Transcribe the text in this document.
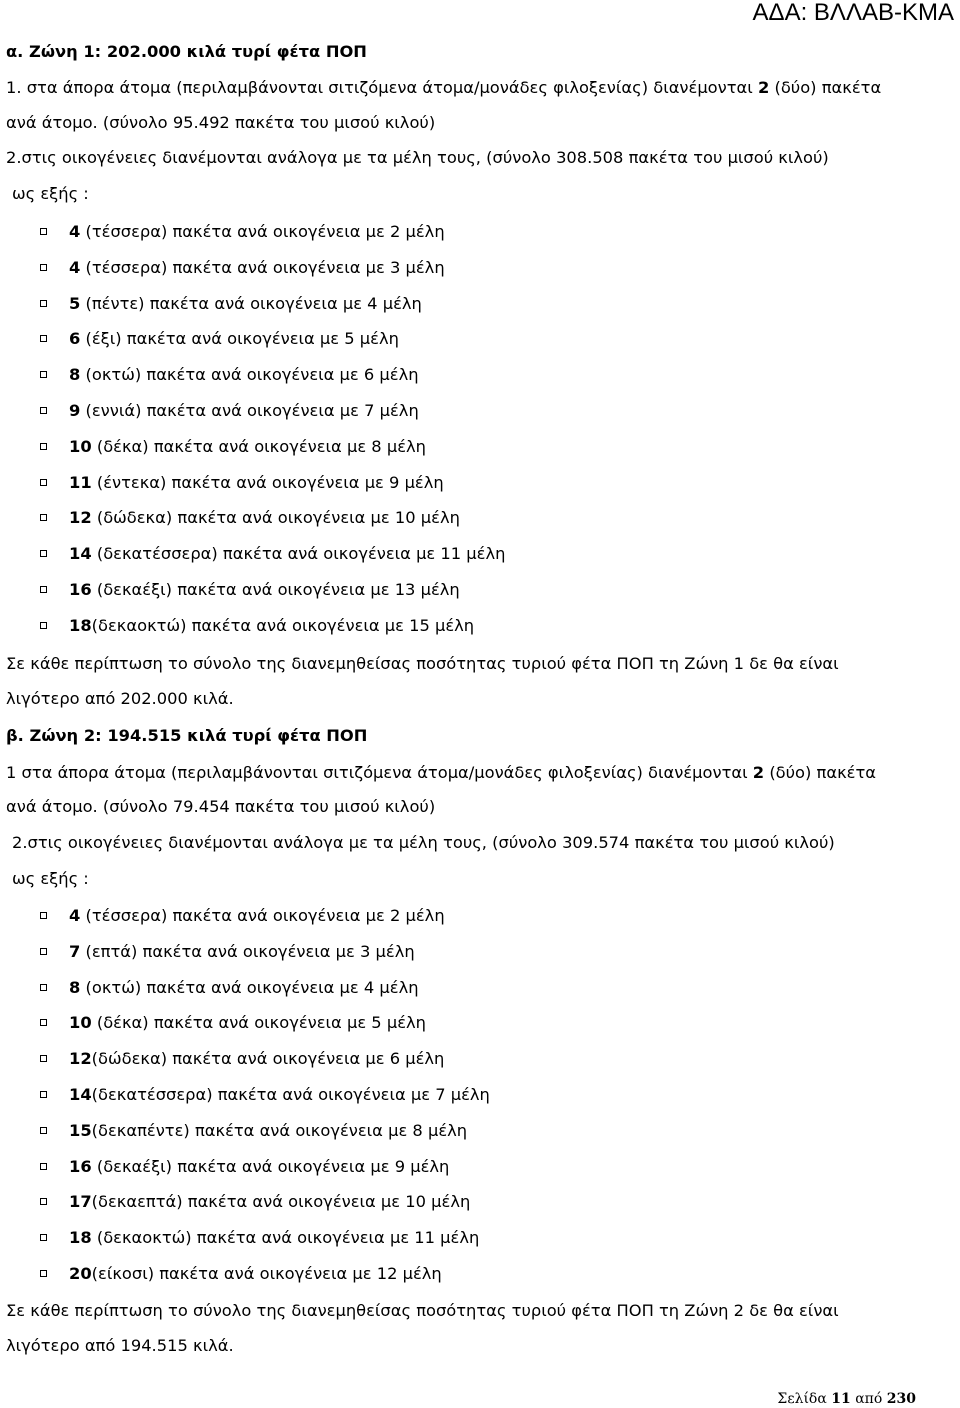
ΑΔΑ: ΒΛΛΑΒ-ΚΜΑ
α. Ζώνη 1: 202.000 κιλά τυρί φέτα ΠΟΠ
1. στα άπορα άτομα (περιλαμβάνονται σιτιζόμενα άτομα/μονάδες φιλοξενίας) διανέμονται 2 (δύο) πακέτα
ανά άτομο. (σύνολο 95.492 πακέτα του μισού κιλού)
2.στις οικογένειες διανέμονται ανάλογα με τα μέλη τους, (σύνολο 308.508 πακέτα του μισού κιλού)
ως εξής :
4 (τέσσερα) πακέτα ανά οικογένεια με 2 μέλη
4 (τέσσερα) πακέτα ανά οικογένεια με 3 μέλη
5 (πέντε) πακέτα ανά οικογένεια με 4 μέλη
6 (έξι) πακέτα ανά οικογένεια με 5 μέλη
8 (οκτώ) πακέτα ανά οικογένεια με 6 μέλη
9 (εννιά) πακέτα ανά οικογένεια με 7 μέλη
10 (δέκα) πακέτα ανά οικογένεια με 8 μέλη
11 (έντεκα) πακέτα ανά οικογένεια με 9 μέλη
12 (δώδεκα) πακέτα ανά οικογένεια με 10 μέλη
14 (δεκατέσσερα) πακέτα ανά οικογένεια με 11 μέλη
16 (δεκαέξι) πακέτα ανά οικογένεια με 13 μέλη
18(δεκαοκτώ) πακέτα ανά οικογένεια με 15 μέλη
Σε κάθε περίπτωση το σύνολο της διανεμηθείσας ποσότητας τυριού φέτα ΠΟΠ τη Ζώνη 1 δε θα είναι
λιγότερο από 202.000 κιλά.
β. Ζώνη 2: 194.515 κιλά τυρί φέτα ΠΟΠ
1 στα άπορα άτομα (περιλαμβάνονται σιτιζόμενα άτομα/μονάδες φιλοξενίας) διανέμονται 2 (δύο) πακέτα
ανά άτομο. (σύνολο 79.454 πακέτα του μισού κιλού)
2.στις οικογένειες διανέμονται ανάλογα με τα μέλη τους, (σύνολο 309.574 πακέτα του μισού κιλού)
ως εξής :
4 (τέσσερα) πακέτα ανά οικογένεια με 2 μέλη
7 (επτά) πακέτα ανά οικογένεια με 3 μέλη
8 (οκτώ) πακέτα ανά οικογένεια με 4 μέλη
10 (δέκα) πακέτα ανά οικογένεια με 5 μέλη
12(δώδεκα) πακέτα ανά οικογένεια με 6 μέλη
14(δεκατέσσερα) πακέτα ανά οικογένεια με 7 μέλη
15(δεκαπέντε) πακέτα ανά οικογένεια με 8 μέλη
16 (δεκαέξι) πακέτα ανά οικογένεια με 9 μέλη
17(δεκαεπτά) πακέτα ανά οικογένεια με 10 μέλη
18 (δεκαοκτώ) πακέτα ανά οικογένεια με 11 μέλη
20(είκοσι) πακέτα ανά οικογένεια με 12 μέλη
Σε κάθε περίπτωση το σύνολο της διανεμηθείσας ποσότητας τυριού φέτα ΠΟΠ τη Ζώνη 2 δε θα είναι
λιγότερο από 194.515 κιλά.
Σελίδα 11 από 230
